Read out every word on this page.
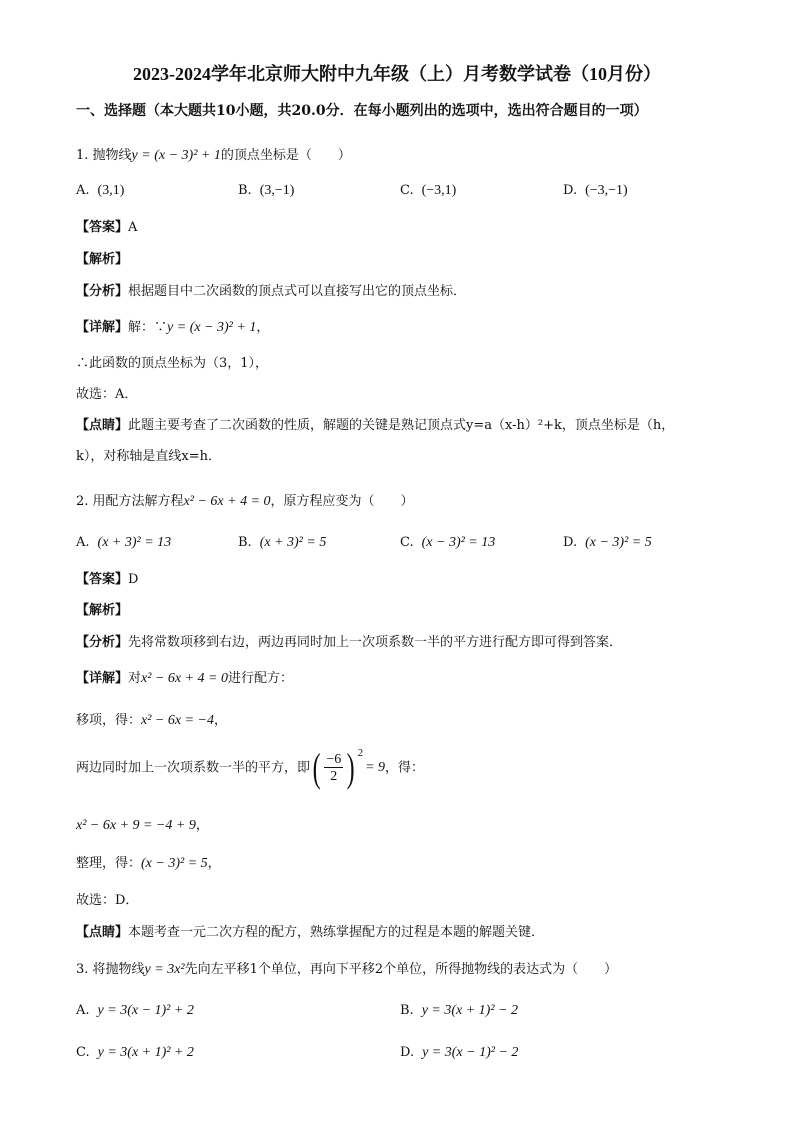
2023-2024学年北京师大附中九年级（上）月考数学试卷（10月份）
一、选择题（本大题共10小题，共20.0分．在每小题列出的选项中，选出符合题目的一项）
1. 抛物线y = (x − 3)² + 1的顶点坐标是（　　）
A. (3,1)	B. (3,−1)	C. (−3,1)	D. (−3,−1)
【答案】A
【解析】
【分析】根据题目中二次函数的顶点式可以直接写出它的顶点坐标．
【详解】解：∵y = (x − 3)² + 1，
∴此函数的顶点坐标为（3，1），
故选：A．
【点睛】此题主要考查了二次函数的性质，解题的关键是熟记顶点式y=a（x-h）²+k，顶点坐标是（h，
k），对称轴是直线x=h．
2. 用配方法解方程x² − 6x + 4 = 0，原方程应变为（　　）
A. (x + 3)² = 13	B. (x + 3)² = 5	C. (x − 3)² = 13	D. (x − 3)² = 5
【答案】D
【解析】
【分析】先将常数项移到右边，两边再同时加上一次项系数一半的平方进行配方即可得到答案．
【详解】对x² − 6x + 4 = 0进行配方：
移项，得：x² − 6x = −4，
两边同时加上一次项系数一半的平方，即 ( $\frac{-6}{2} )^2$
= 9 ，得：
x² − 6x + 9 = −4 + 9，
整理，得：(x − 3)² = 5，
故选：D．
【点睛】本题考查一元二次方程的配方，熟练掌握配方的过程是本题的解题关键．
3. 将抛物线y = 3x²先向左平移1个单位，再向下平移2个单位，所得抛物线的表达式为（　　）
A. y = 3(x − 1)² + 2	B. y = 3(x + 1)² − 2
C. y = 3(x + 1)² + 2	D. y = 3(x − 1)² − 2
